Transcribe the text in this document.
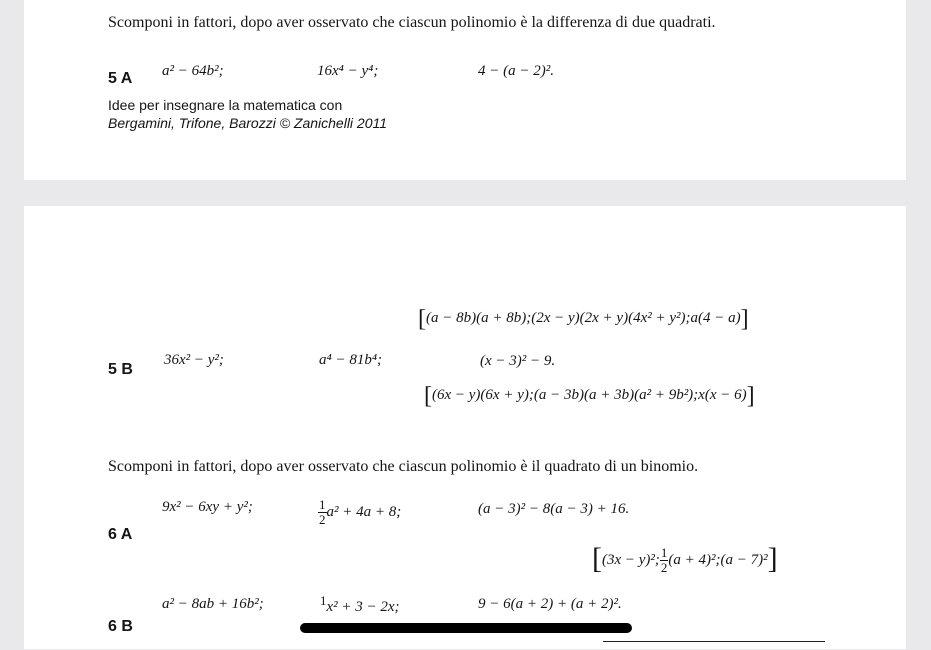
Scomponi in fattori, dopo aver osservato che ciascun polinomio è la differenza di due quadrati.
5 A a² − 64b²;	16x⁴ − y⁴;	4 − (a − 2)².
Idee per insegnare la matematica con
Bergamini, Trifone, Barozzi © Zanichelli 2011
[(a − 8b)(a + 8b);(2x − y)(2x + y)(4x² + y²);a(4 − a)]
5 B
36x² − y²;	a⁴ − 81b⁴;	(x − 3)² − 9.
[(6x − y)(6x + y);(a − 3b)(a + 3b)(a² + 9b²);x(x − 6)]
Scomponi in fattori, dopo aver osservato che ciascun polinomio è il quadrato di un binomio.
6 A
9x² − 6xy + y²;	$\frac{1}{2} a^2 + 4a + 8$;	(a − 3)² − 8(a − 3) + 16.
[(3x − y)²; $\frac{1}{2} (a$ + 4)²;(a − 7)²]
6 B
a² − 8ab + 16b²;	1x² + 3 − 2x;	9 − 6(a + 2) + (a + 2)².
